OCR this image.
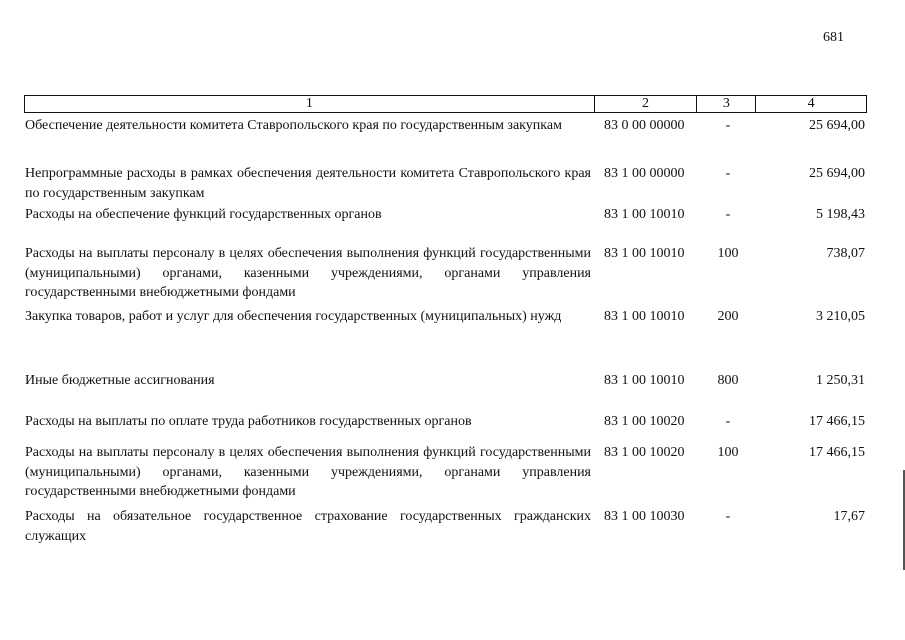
681
1	2	3	4
Обеспечение деятельности комитета Ставропольского края по государственным закупкам	83 0 00 00000	-	25 694,00
Непрограммные расходы в рамках обеспечения деятельности комитета Ставропольского края по государственным закупкам
83 1 00 00000	-	25 694,00
Расходы на обеспечение функций государственных органов	83 1 00 10010	-	5 198,43
Расходы на выплаты персоналу в целях обеспечения выполнения функций государственными (муниципальными) органами, казенными учреждениями, органами управления государственными внебюджетными фондами
83 1 00 10010	100	738,07
Закупка товаров, работ и услуг для обеспечения государственных (муниципальных) нужд	83 1 00 10010	200	3 210,05
Иные бюджетные ассигнования	83 1 00 10010	800	1 250,31
Расходы на выплаты по оплате труда работников государственных органов	83 1 00 10020	-	17 466,15
Расходы на выплаты персоналу в целях обеспечения выполнения функций государственными (муниципальными) органами, казенными учреждениями, органами управления государственными внебюджетными фондами
83 1 00 10020	100	17 466,15
Расходы на обязательное государственное страхование государственных гражданских служащих
83 1 00 10030	-	17,67
